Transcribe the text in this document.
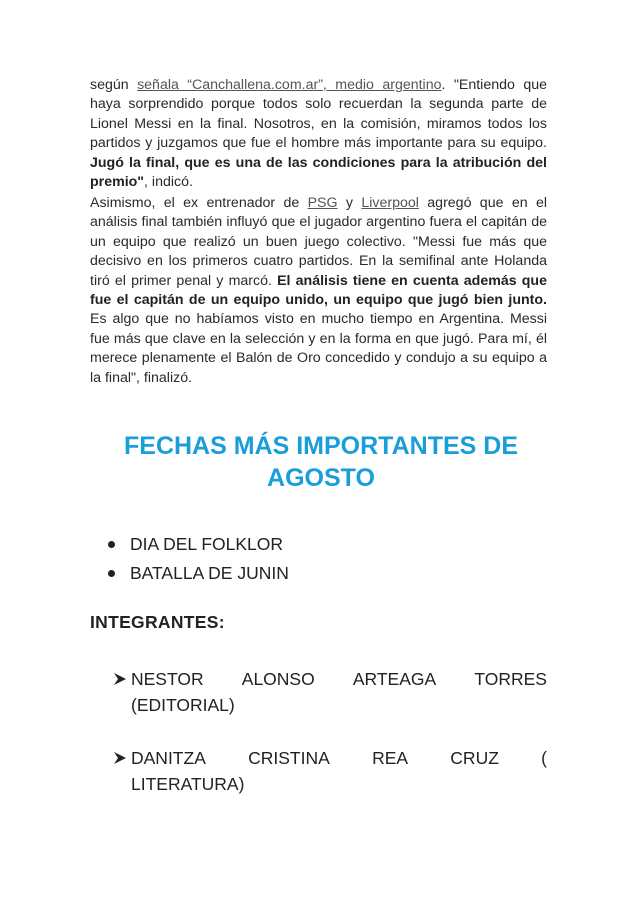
según señala “Canchallena.com.ar”, medio argentino. "Entiendo que haya sorprendido porque todos solo recuerdan la segunda parte de Lionel Messi en la final. Nosotros, en la comisión, miramos todos los partidos y juzgamos que fue el hombre más importante para su equipo. Jugó la final, que es una de las condiciones para la atribución del premio", indicó.

Asimismo, el ex entrenador de PSG y Liverpool agregó que en el análisis final también influyó que el jugador argentino fuera el capitán de un equipo que realizó un buen juego colectivo. "Messi fue más que decisivo en los primeros cuatro partidos. En la semifinal ante Holanda tiró el primer penal y marcó. El análisis tiene en cuenta además que fue el capitán de un equipo unido, un equipo que jugó bien junto. Es algo que no habíamos visto en mucho tiempo en Argentina. Messi fue más que clave en la selección y en la forma en que jugó. Para mí, él merece plenamente el Balón de Oro concedido y condujo a su equipo a la final", finalizó.

FECHAS MÁS IMPORTANTES DE
AGOSTO
DIA DEL FOLKLOR
BATALLA DE JUNIN

INTEGRANTES:

NESTOR ALONSO ARTEAGA TORRES
(EDITORIAL)
DANITZA CRISTINA REA CRUZ (
LITERATURA)
